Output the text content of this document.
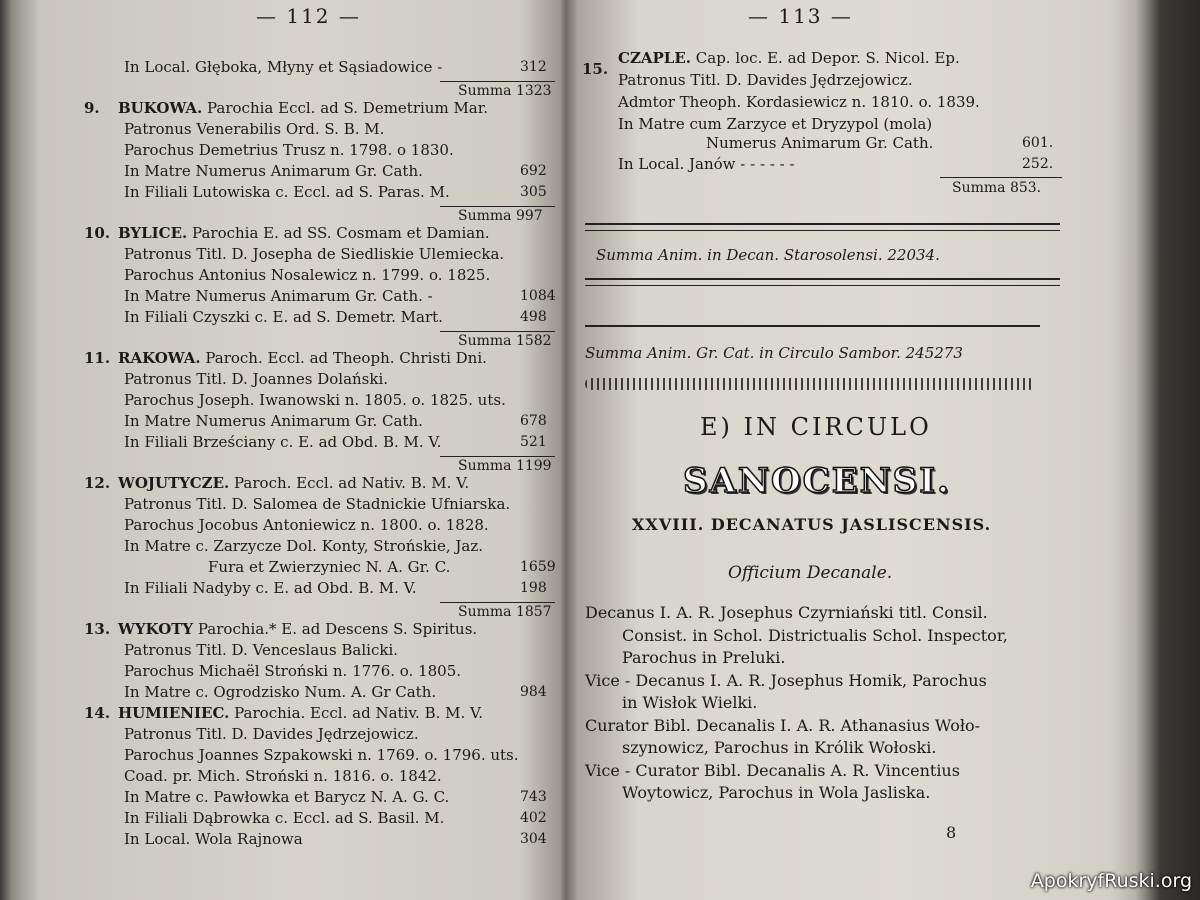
— 112 —
In Local. Głęboka, Młyny et Sąsiadowice -	312
Summa 1323
9. BUKOWA. Parochia Eccl. ad S. Demetrium Mar.
Patronus Venerabilis Ord. S. B. M.
Parochus Demetrius Trusz n. 1798. o 1830.
In Matre Numerus Animarum Gr. Cath.	692
In Filiali Lutowiska c. Eccl. ad S. Paras. M.	305
Summa 997
10. BYLICE. Parochia E. ad SS. Cosmam et Damian.
Patronus Titl. D. Josepha de Siedliskie Ulemiecka.
Parochus Antonius Nosalewicz n. 1799. o. 1825.
In Matre Numerus Animarum Gr. Cath. -	1084
In Filiali Czyszki c. E. ad S. Demetr. Mart.	498
Summa 1582
11. RAKOWA. Paroch. Eccl. ad Theoph. Christi Dni.
Patronus Titl. D. Joannes Dolański.
Parochus Joseph. Iwanowski n. 1805. o. 1825. uts.
In Matre Numerus Animarum Gr. Cath.	678
In Filiali Brześciany c. E. ad Obd. B. M. V.	521
Summa 1199
12. WOJUTYCZE. Paroch. Eccl. ad Nativ. B. M. V.
Patronus Titl. D. Salomea de Stadnickie Ufniarska.
Parochus Jocobus Antoniewicz n. 1800. o. 1828.
In Matre c. Zarzycze Dol. Konty, Strońskie, Jaz.
Fura et Zwierzyniec N. A. Gr. C.	1659
In Filiali Nadyby c. E. ad Obd. B. M. V.	198
Summa 1857
13. WYKOTY Parochia.* E. ad Descens S. Spiritus.
Patronus Titl. D. Venceslaus Balicki.
Parochus Michaël Stroński n. 1776. o. 1805.
In Matre c. Ogrodzisko Num. A. Gr Cath.	984
14. HUMIENIEC. Parochia. Eccl. ad Nativ. B. M. V.
Patronus Titl. D. Davides Jędrzejowicz.
Parochus Joannes Szpakowski n. 1769. o. 1796. uts.
Coad. pr. Mich. Stroński n. 1816. o. 1842.
In Matre c. Pawłowka et Barycz N. A. G. C.	743
In Filiali Dąbrowka c. Eccl. ad S. Basil. M.	402
In Local. Wola Rajnowa	304
— 113 —
15.
CZAPLE. Cap. loc. E. ad Depor. S. Nicol. Ep.
Patronus Titl. D. Davides Jędrzejowicz.
Admtor Theoph. Kordasiewicz n. 1810. o. 1839.
In Matre cum Zarzyce et Dryzypol (mola)
Numerus Animarum Gr. Cath.	601.
In Local. Janów - - - - - -	252.
Summa 853.
Summa Anim. in Decan. Starosolensi. 22034.
Summa Anim. Gr. Cat. in Circulo Sambor. 245273
E) IN CIRCULO
SANOCENSI.
XXVIII. DECANATUS JASLISCENSIS.
Officium Decanale.
Decanus I. A. R. Josephus Czyrniański titl. Consil.
Consist. in Schol. Districtualis Schol. Inspector,
Parochus in Preluki.
Vice - Decanus I. A. R. Josephus Homik, Parochus
in Wisłok Wielki.
Curator Bibl. Decanalis I. A. R. Athanasius Woło-
szynowicz, Parochus in Królik Wołoski.
Vice - Curator Bibl. Decanalis A. R. Vincentius
Woytowicz, Parochus in Wola Jasliska.
8
ApokryfRuski.org
